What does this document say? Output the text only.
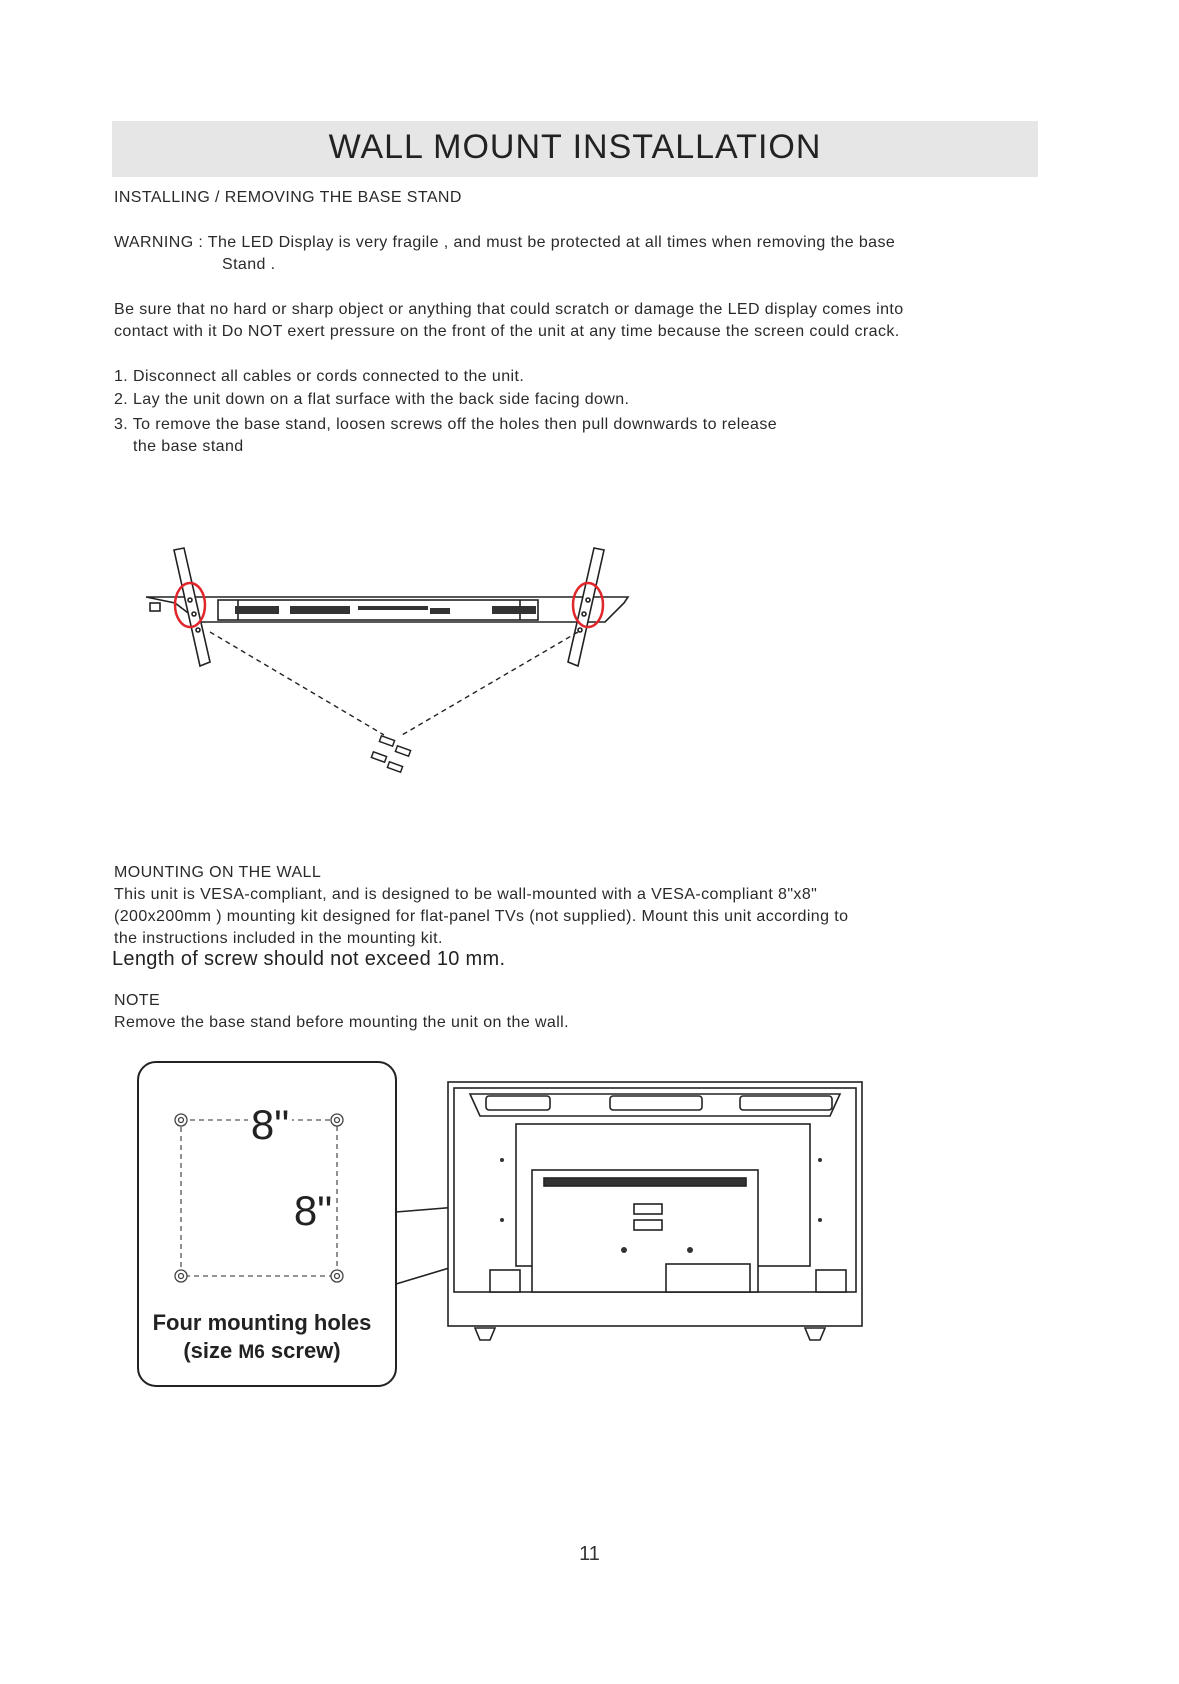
WALL MOUNT INSTALLATION
INSTALLING / REMOVING THE BASE STAND
WARNING : The LED Display is very fragile , and must be protected at all times when removing the base
Stand .
Be sure that no hard or sharp object or anything that could scratch or damage the LED display comes into
contact with it Do NOT exert pressure on the front of the unit at any time because the screen could crack.
1. Disconnect all cables or cords connected to the unit.
2. Lay the unit down on a flat surface with the back side facing down.
3. To remove the base stand, loosen screws off the holes then pull downwards to release
the base stand
MOUNTING ON THE WALL
This unit is VESA-compliant, and is designed to be wall-mounted with a VESA-compliant 8"x8"
(200x200mm ) mounting kit designed for flat-panel TVs (not supplied). Mount this unit according to
the instructions included in the mounting kit.
Length of screw should not exceed 10 mm.
NOTE
Remove the base stand before mounting the unit on the wall.
8"
8"
Four mounting holes
(size M6 screw)
11
